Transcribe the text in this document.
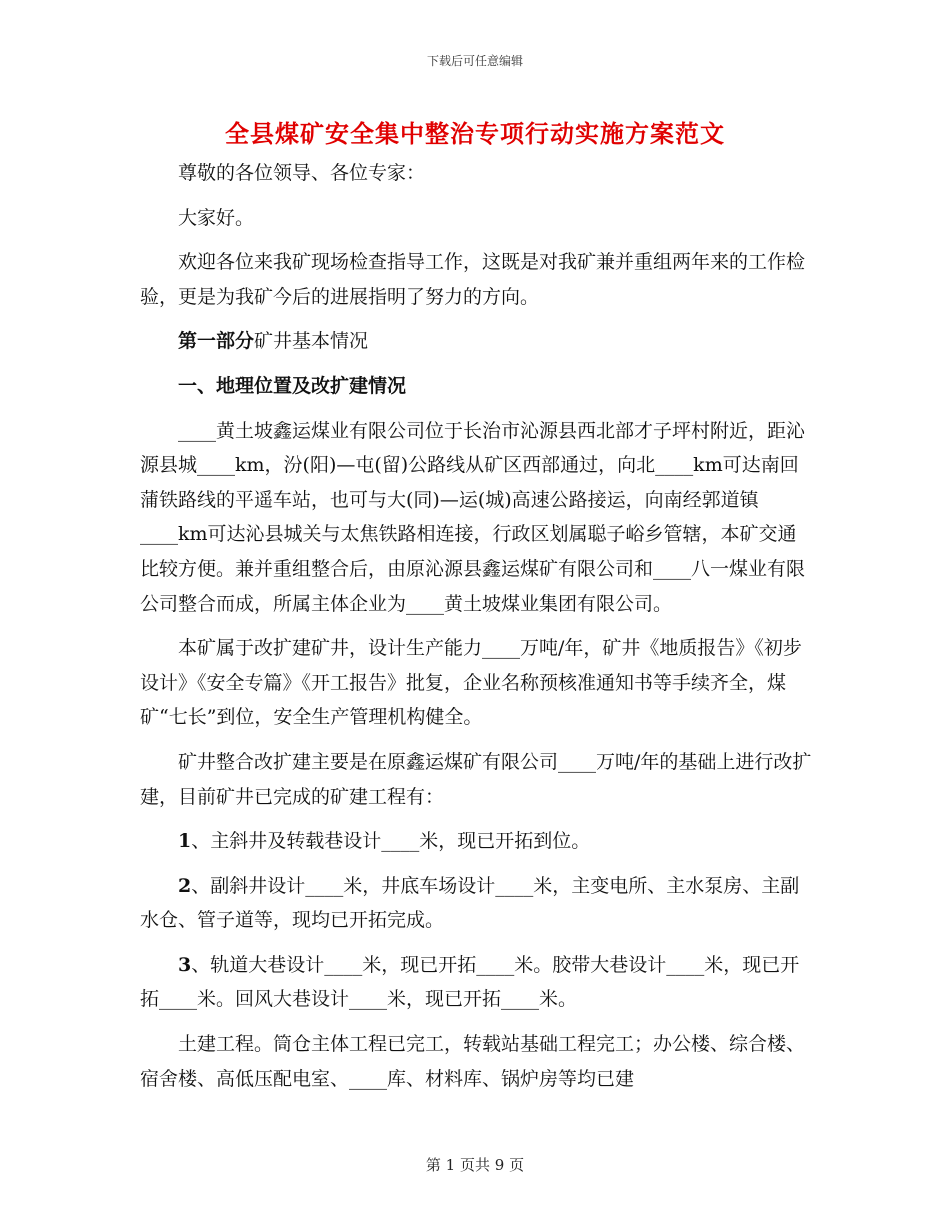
下载后可任意编辑
全县煤矿安全集中整治专项行动实施方案范文

尊敬的各位领导、各位专家：

大家好。

欢迎各位来我矿现场检查指导工作，这既是对我矿兼并重组两年来的工作检验，更是为我矿今后的进展指明了努力的方向。

第一部分矿井基本情况

一、地理位置及改扩建情况

____黄土坡鑫运煤业有限公司位于长治市沁源县西北部才子坪村附近，距沁源县城____km，汾(阳)—屯(留)公路线从矿区西部通过，向北____km可达南回蒲铁路线的平遥车站，也可与大(同)—运(城)高速公路接运，向南经郭道镇____km可达沁县城关与太焦铁路相连接，行政区划属聪子峪乡管辖，本矿交通比较方便。兼并重组整合后，由原沁源县鑫运煤矿有限公司和____八一煤业有限公司整合而成，所属主体企业为____黄土坡煤业集团有限公司。

本矿属于改扩建矿井，设计生产能力____万吨/年，矿井《地质报告》《初步设计》《安全专篇》《开工报告》批复，企业名称预核准通知书等手续齐全，煤矿“七长”到位，安全生产管理机构健全。

矿井整合改扩建主要是在原鑫运煤矿有限公司____万吨/年的基础上进行改扩建，目前矿井已完成的矿建工程有：

1、主斜井及转载巷设计____米，现已开拓到位。

2、副斜井设计____米，井底车场设计____米，主变电所、主水泵房、主副水仓、管子道等，现均已开拓完成。

3、轨道大巷设计____米，现已开拓____米。胶带大巷设计____米，现已开拓____米。回风大巷设计____米，现已开拓____米。

土建工程。筒仓主体工程已完工，转载站基础工程完工；办公楼、综合楼、宿舍楼、高低压配电室、____库、材料库、锅炉房等均已建

第 1 页共 9 页
